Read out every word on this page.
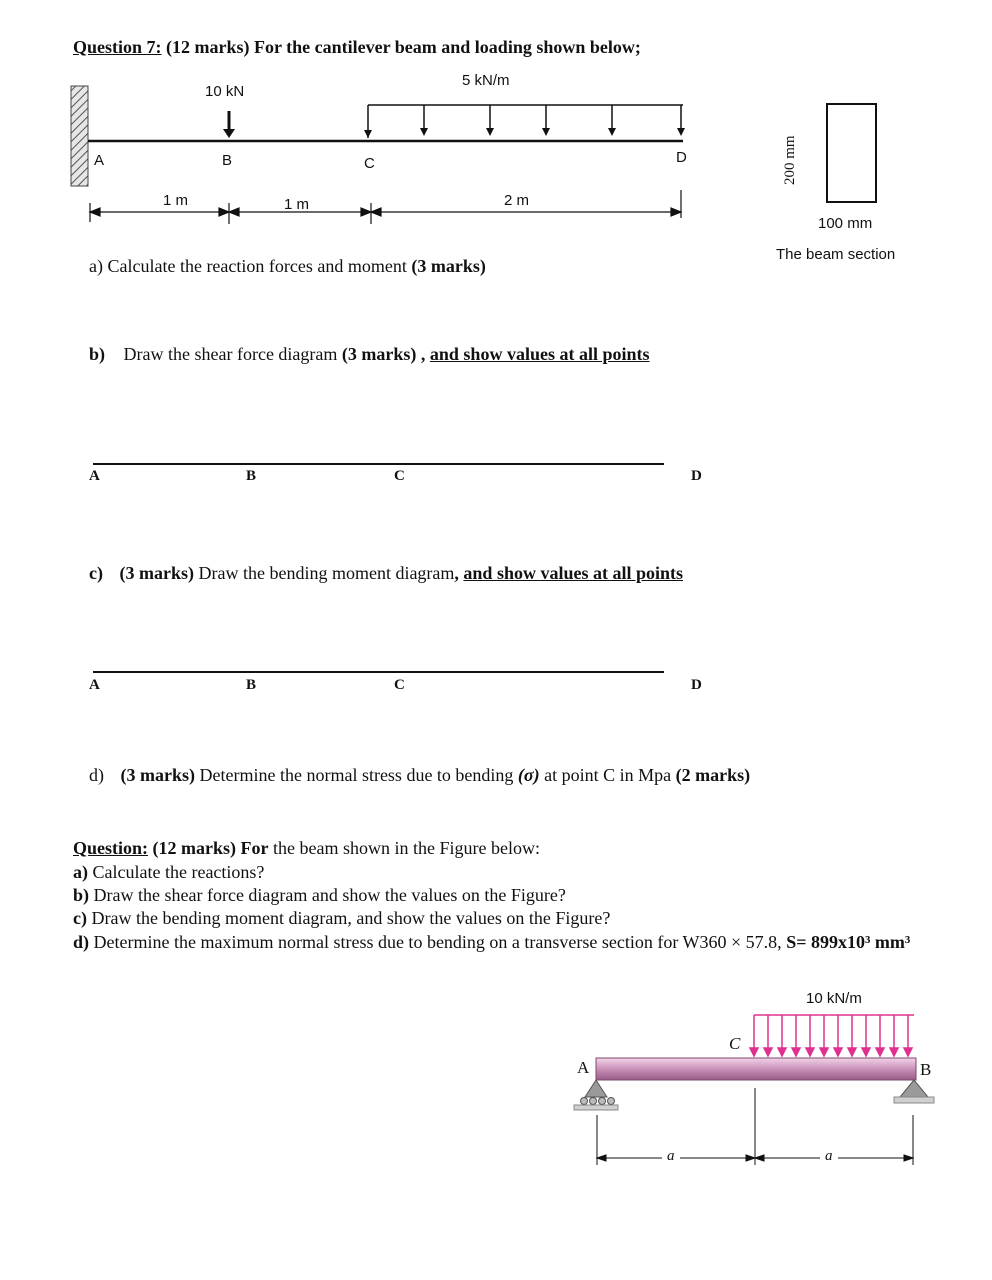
Question 7: (12 marks) For the cantilever beam and loading shown below;
10 kN
5 kN/m
A	B	C	D
1 m	1 m	2 m
200 mm
100 mm
The beam section
a) Calculate the reaction forces and moment (3 marks)
b) Draw the shear force diagram (3 marks) , and show values at all points
A	B	C	D
c) (3 marks) Draw the bending moment diagram, and show values at all points
A	B	C	D
d) (3 marks) Determine the normal stress due to bending (σ) at point C in Mpa (2 marks)
Question: (12 marks) For the beam shown in the Figure below:
a) Calculate the reactions?
b) Draw the shear force diagram and show the values on the Figure?
c) Draw the bending moment diagram, and show the values on the Figure?
d) Determine the maximum normal stress due to bending on a transverse section for W360 × 57.8, S= 899x10³ mm³
10 kN/m
A
C
B
a	a
